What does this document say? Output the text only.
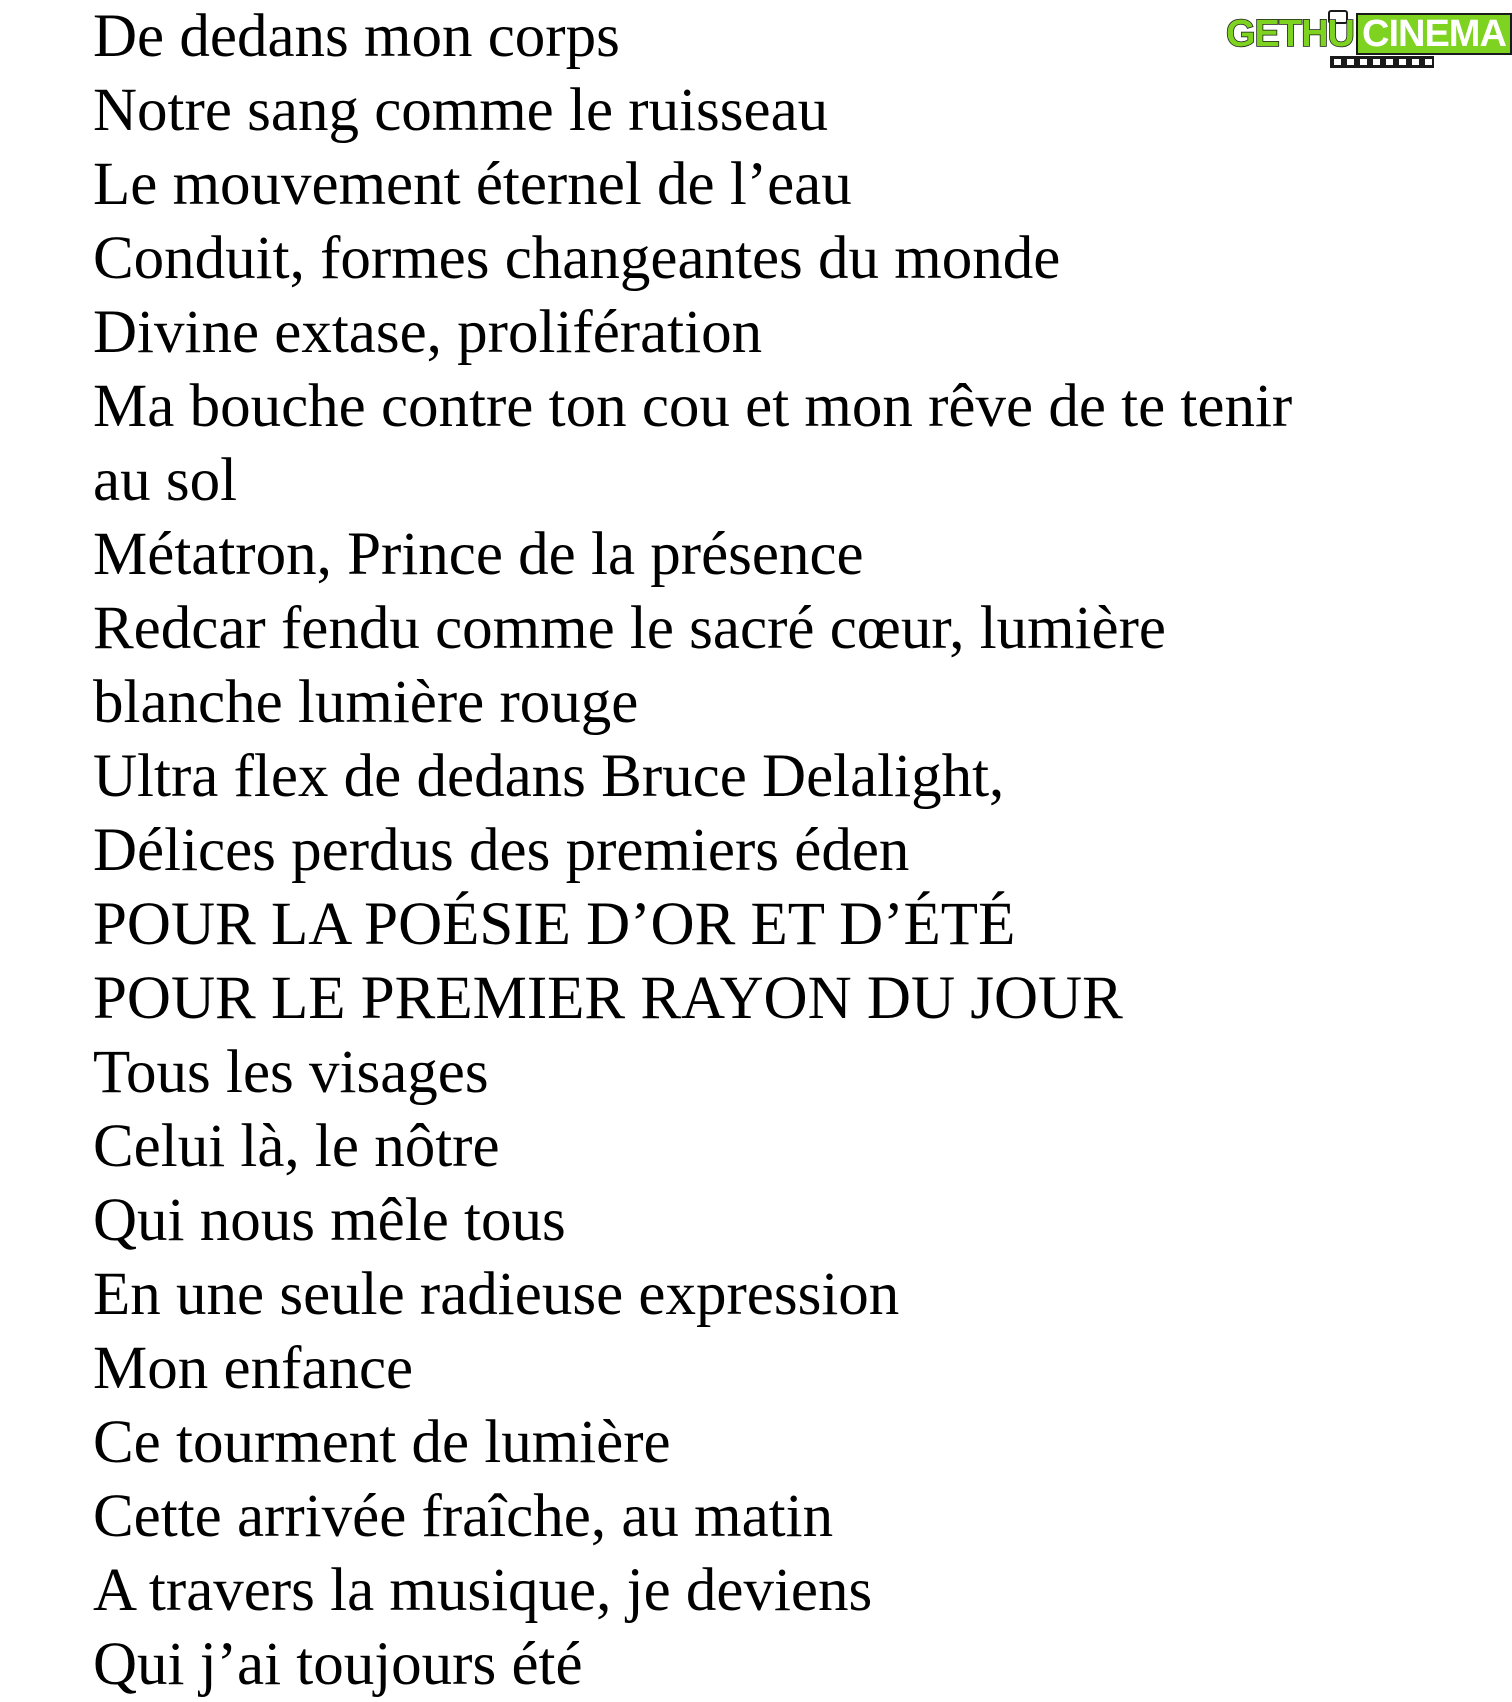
De dedans mon corps
Notre sang comme le ruisseau
Le mouvement éternel de l’eau
Conduit, formes changeantes du monde
Divine extase, prolifération
Ma bouche contre ton cou et mon rêve de te tenir
au sol
Métatron, Prince de la présence
Redcar fendu comme le sacré cœur, lumière
blanche lumière rouge
Ultra flex de dedans Bruce Delalight,
Délices perdus des premiers éden
POUR LA POÉSIE D’OR ET D’ÉTÉ
POUR LE PREMIER RAYON DU JOUR
Tous les visages
Celui là, le nôtre
Qui nous mêle tous
En une seule radieuse expression
Mon enfance
Ce tourment de lumière
Cette arrivée fraîche, au matin
A travers la musique, je deviens
Qui j’ai toujours été
GETHU CINEMA
